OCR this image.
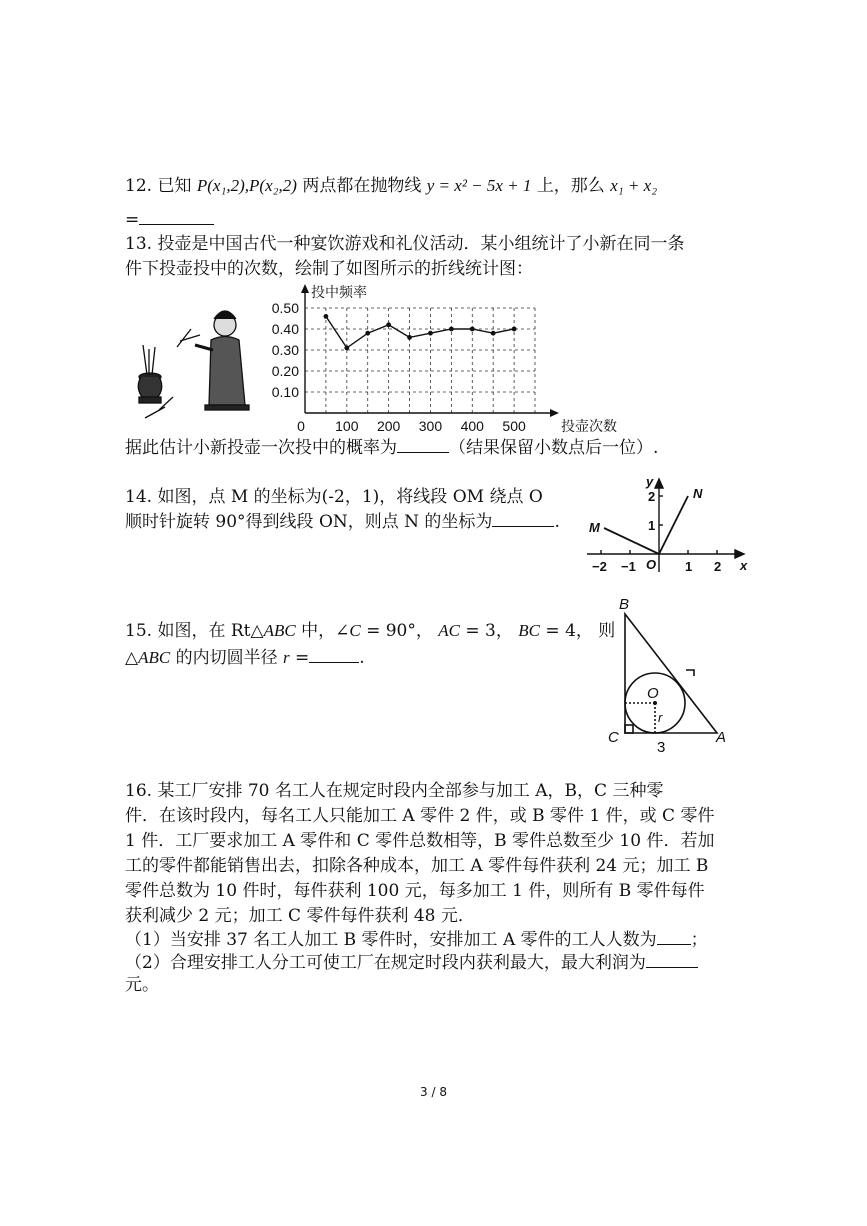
12. 已知 P(x₁,2),P(x₂,2) 两点都在抛物线 y = x² − 5x + 1 上，那么 x₁ + x₂
=
13. 投壶是中国古代一种宴饮游戏和礼仪活动．某小组统计了小新在同一条
件下投壶投中的次数，绘制了如图所示的折线统计图：
0.10
0.20
0.30
0.40
0.50
0 100 200 300 400 500
投中频率
投壶次数
据此估计小新投壶一次投中的概率为	（结果保留小数点后一位）.
14. 如图，点 M 的坐标为(-2，1)，将线段 OM 绕点 O
顺时针旋转 90°得到线段 ON，则点 N 的坐标为	.
y
x
N
M
O
2
1
−2 −1	1 2
15. 如图，在 Rt△ABC 中，∠C = 90°， AC = 3， BC = 4， 则
△ABC 的内切圆半径 r =	.
B
C	A
O
r
3
16. 某工厂安排 70 名工人在规定时段内全部参与加工 A，B，C 三种零
件．在该时段内，每名工人只能加工 A 零件 2 件，或 B 零件 1 件，或 C 零件
1 件．工厂要求加工 A 零件和 C 零件总数相等，B 零件总数至少 10 件．若加
工的零件都能销售出去，扣除各种成本，加工 A 零件每件获利 24 元；加工 B
零件总数为 10 件时，每件获利 100 元，每多加工 1 件，则所有 B 零件每件
获利减少 2 元；加工 C 零件每件获利 48 元．
（1）当安排 37 名工人加工 B 零件时，安排加工 A 零件的工人人数为 ；
（2）合理安排工人分工可使工厂在规定时段内获利最大，最大利润为
元。
3 / 8
